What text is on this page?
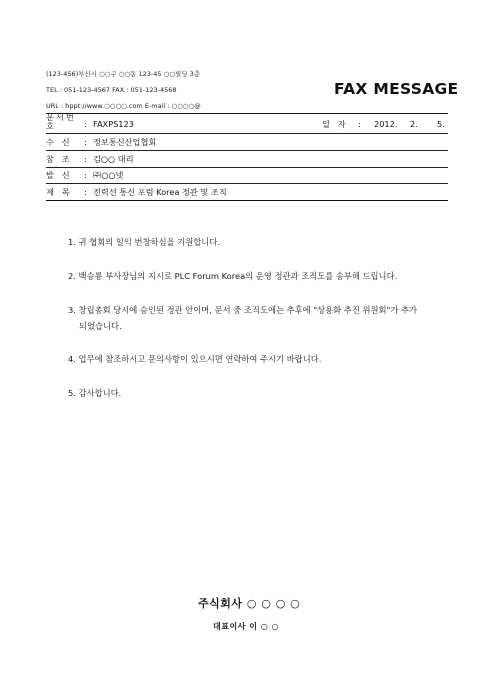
(123-456)부산시 ○○구 ○○동 123-45 ○○빌딩 3층
TEL : 051-123-4567 FAX : 051-123-4568
URL : hppt://www.○○○○.com E-mail : ○○○○@
FAX MESSAGE
문서번호	: FAXPS123	일   자 : 2012. 2. 5.
수   신 : 정보통신산업협회
참   조 : 김○○ 대리
발   신 : ㈜○○넷
제   목 : 전력선 통신 포럼 Korea 정관 및 조직
1. 귀 협회의 일익 번창하심을 기원합니다.
2. 백승룡 부사장님의 지시로 PLC Forum Korea의 운영 정관과 조직도를 송부해 드립니다.
3. 창립총회 당시에 승인된 정관 안이며, 문서 중 조직도에는 추후에 "상용화 추진 위원회"가 추가
되었습니다.
4. 업무에 참조하시고 문의사항이 있으시면 연락하여 주시기 바랍니다.
5. 감사합니다.
주식회사 ○ ○ ○ ○
대표이사 이 ○ ○
